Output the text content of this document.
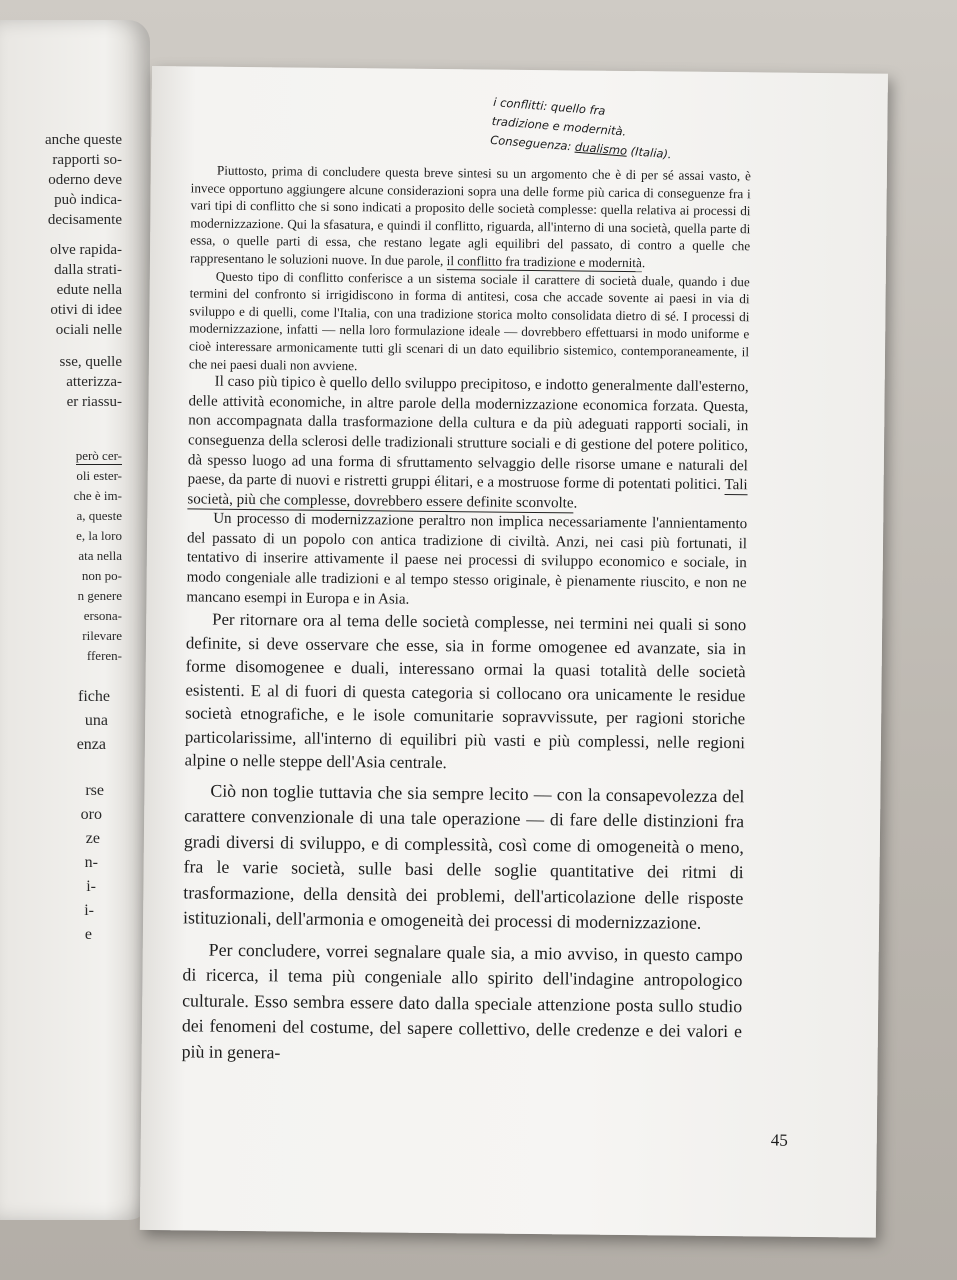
anche queste
rapporti so-
oderno deve
può indica-
decisamente
olve rapida-
dalla strati-
edute nella
otivi di idee
ociali nelle
sse, quelle
atterizza-
er riassu-
però cer-
oli ester-
che è im-
a, queste
e, la loro
ata nella
non po-
n genere
ersona-
rilevare
fferen-
fiche
una
enza
rse
oro
ze
n-
i-
i-
e
i conflitti: quello fra
tradizione e modernità.
Conseguenza: dualismo (Italia).

Piuttosto, prima di concludere questa breve sintesi su un argomento che è di per sé assai vasto, è invece opportuno aggiungere alcune considerazioni sopra una delle forme più carica di conseguenze fra i vari tipi di conflitto che si sono indicati a proposito delle società complesse: quella relativa ai processi di modernizzazione. Qui la sfasatura, e quindi il conflitto, riguarda, all'interno di una società, quella parte di essa, o quelle parti di essa, che restano legate agli equilibri del passato, di contro a quelle che rappresentano le soluzioni nuove. In due parole, il conflitto fra tradizione e modernità.

Questo tipo di conflitto conferisce a un sistema sociale il carattere di società duale, quando i due termini del confronto si irrigidiscono in forma di antitesi, cosa che accade sovente ai paesi in via di sviluppo e di quelli, come l'Italia, con una tradizione storica molto consolidata dietro di sé. I processi di modernizzazione, infatti — nella loro formulazione ideale — dovrebbero effettuarsi in modo uniforme e cioè interessare armonicamente tutti gli scenari di un dato equilibrio sistemico, contemporaneamente, il che nei paesi duali non avviene.

Il caso più tipico è quello dello sviluppo precipitoso, e indotto generalmente dall'esterno, delle attività economiche, in altre parole della modernizzazione economica forzata. Questa, non accompagnata dalla trasformazione della cultura e da più adeguati rapporti sociali, in conseguenza della sclerosi delle tradizionali strutture sociali e di gestione del potere politico, dà spesso luogo ad una forma di sfruttamento selvaggio delle risorse umane e naturali del paese, da parte di nuovi e ristretti gruppi élitari, e a mostruose forme di potentati politici. Tali società, più che complesse, dovrebbero essere definite sconvolte.

Un processo di modernizzazione peraltro non implica necessariamente l'annientamento del passato di un popolo con antica tradizione di civiltà. Anzi, nei casi più fortunati, il tentativo di inserire attivamente il paese nei processi di sviluppo economico e sociale, in modo congeniale alle tradizioni e al tempo stesso originale, è pienamente riuscito, e non ne mancano esempi in Europa e in Asia.

Per ritornare ora al tema delle società complesse, nei termini nei quali si sono definite, si deve osservare che esse, sia in forme omogenee ed avanzate, sia in forme disomogenee e duali, interessano ormai la quasi totalità delle società esistenti. E al di fuori di questa categoria si collocano ora unicamente le residue società etnografiche, e le isole comunitarie sopravvissute, per ragioni storiche particolarissime, all'interno di equilibri più vasti e più complessi, nelle regioni alpine o nelle steppe dell'Asia centrale.

Ciò non toglie tuttavia che sia sempre lecito — con la consapevolezza del carattere convenzionale di una tale operazione — di fare delle distinzioni fra gradi diversi di sviluppo, e di complessità, così come di omogeneità o meno, fra le varie società, sulle basi delle soglie quantitative dei ritmi di trasformazione, della densità dei problemi, dell'articolazione delle risposte istituzionali, dell'armonia e omogeneità dei processi di modernizzazione.

Per concludere, vorrei segnalare quale sia, a mio avviso, in questo campo di ricerca, il tema più congeniale allo spirito dell'indagine antropologico culturale. Esso sembra essere dato dalla speciale attenzione posta sullo studio dei fenomeni del costume, del sapere collettivo, delle credenze e dei valori e più in genera-

45
